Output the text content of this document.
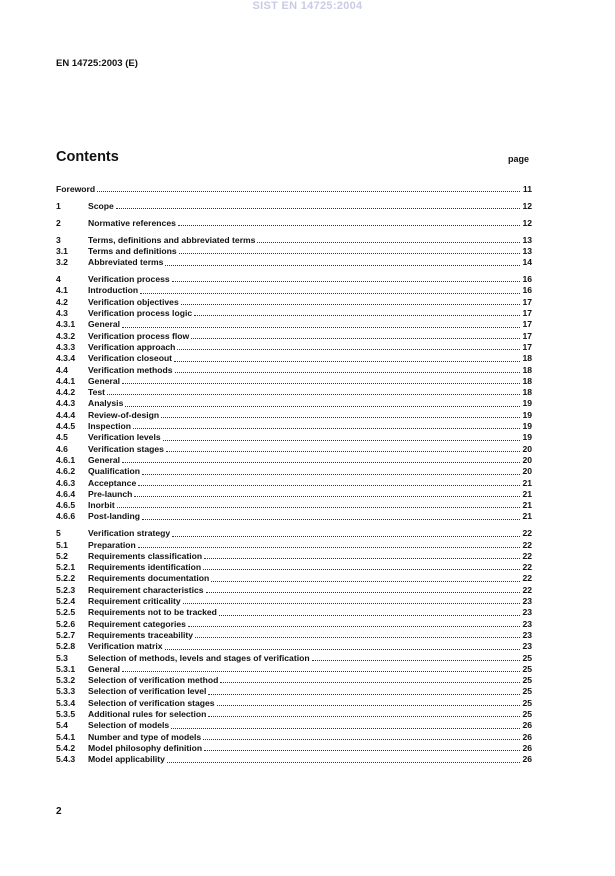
SIST EN 14725:2004
EN 14725:2003 (E)
Contents	page
Foreword	11
1	Scope	12
2	Normative references	12
3	Terms, definitions and abbreviated terms	13
3.1	Terms and definitions	13
3.2	Abbreviated terms	14
4	Verification process	16
4.1	Introduction	16
4.2	Verification objectives	17
4.3	Verification process logic	17
4.3.1	General	17
4.3.2	Verification process flow	17
4.3.3	Verification approach	17
4.3.4	Verification closeout	18
4.4	Verification methods	18
4.4.1	General	18
4.4.2	Test	18
4.4.3	Analysis	19
4.4.4	Review-of-design	19
4.4.5	Inspection	19
4.5	Verification levels	19
4.6	Verification stages	20
4.6.1	General	20
4.6.2	Qualification	20
4.6.3	Acceptance	21
4.6.4	Pre-launch	21
4.6.5	Inorbit	21
4.6.6	Post-landing	21
5	Verification strategy	22
5.1	Preparation	22
5.2	Requirements classification	22
5.2.1	Requirements identification	22
5.2.2	Requirements documentation	22
5.2.3	Requirement characteristics	22
5.2.4	Requirement criticality	23
5.2.5	Requirements not to be tracked	23
5.2.6	Requirement categories	23
5.2.7	Requirements traceability	23
5.2.8	Verification matrix	23
5.3	Selection of methods, levels and stages of verification	25
5.3.1	General	25
5.3.2	Selection of verification method	25
5.3.3	Selection of verification level	25
5.3.4	Selection of verification stages	25
5.3.5	Additional rules for selection	25
5.4	Selection of models	26
5.4.1	Number and type of models	26
5.4.2	Model philosophy definition	26
5.4.3	Model applicability	26
2
